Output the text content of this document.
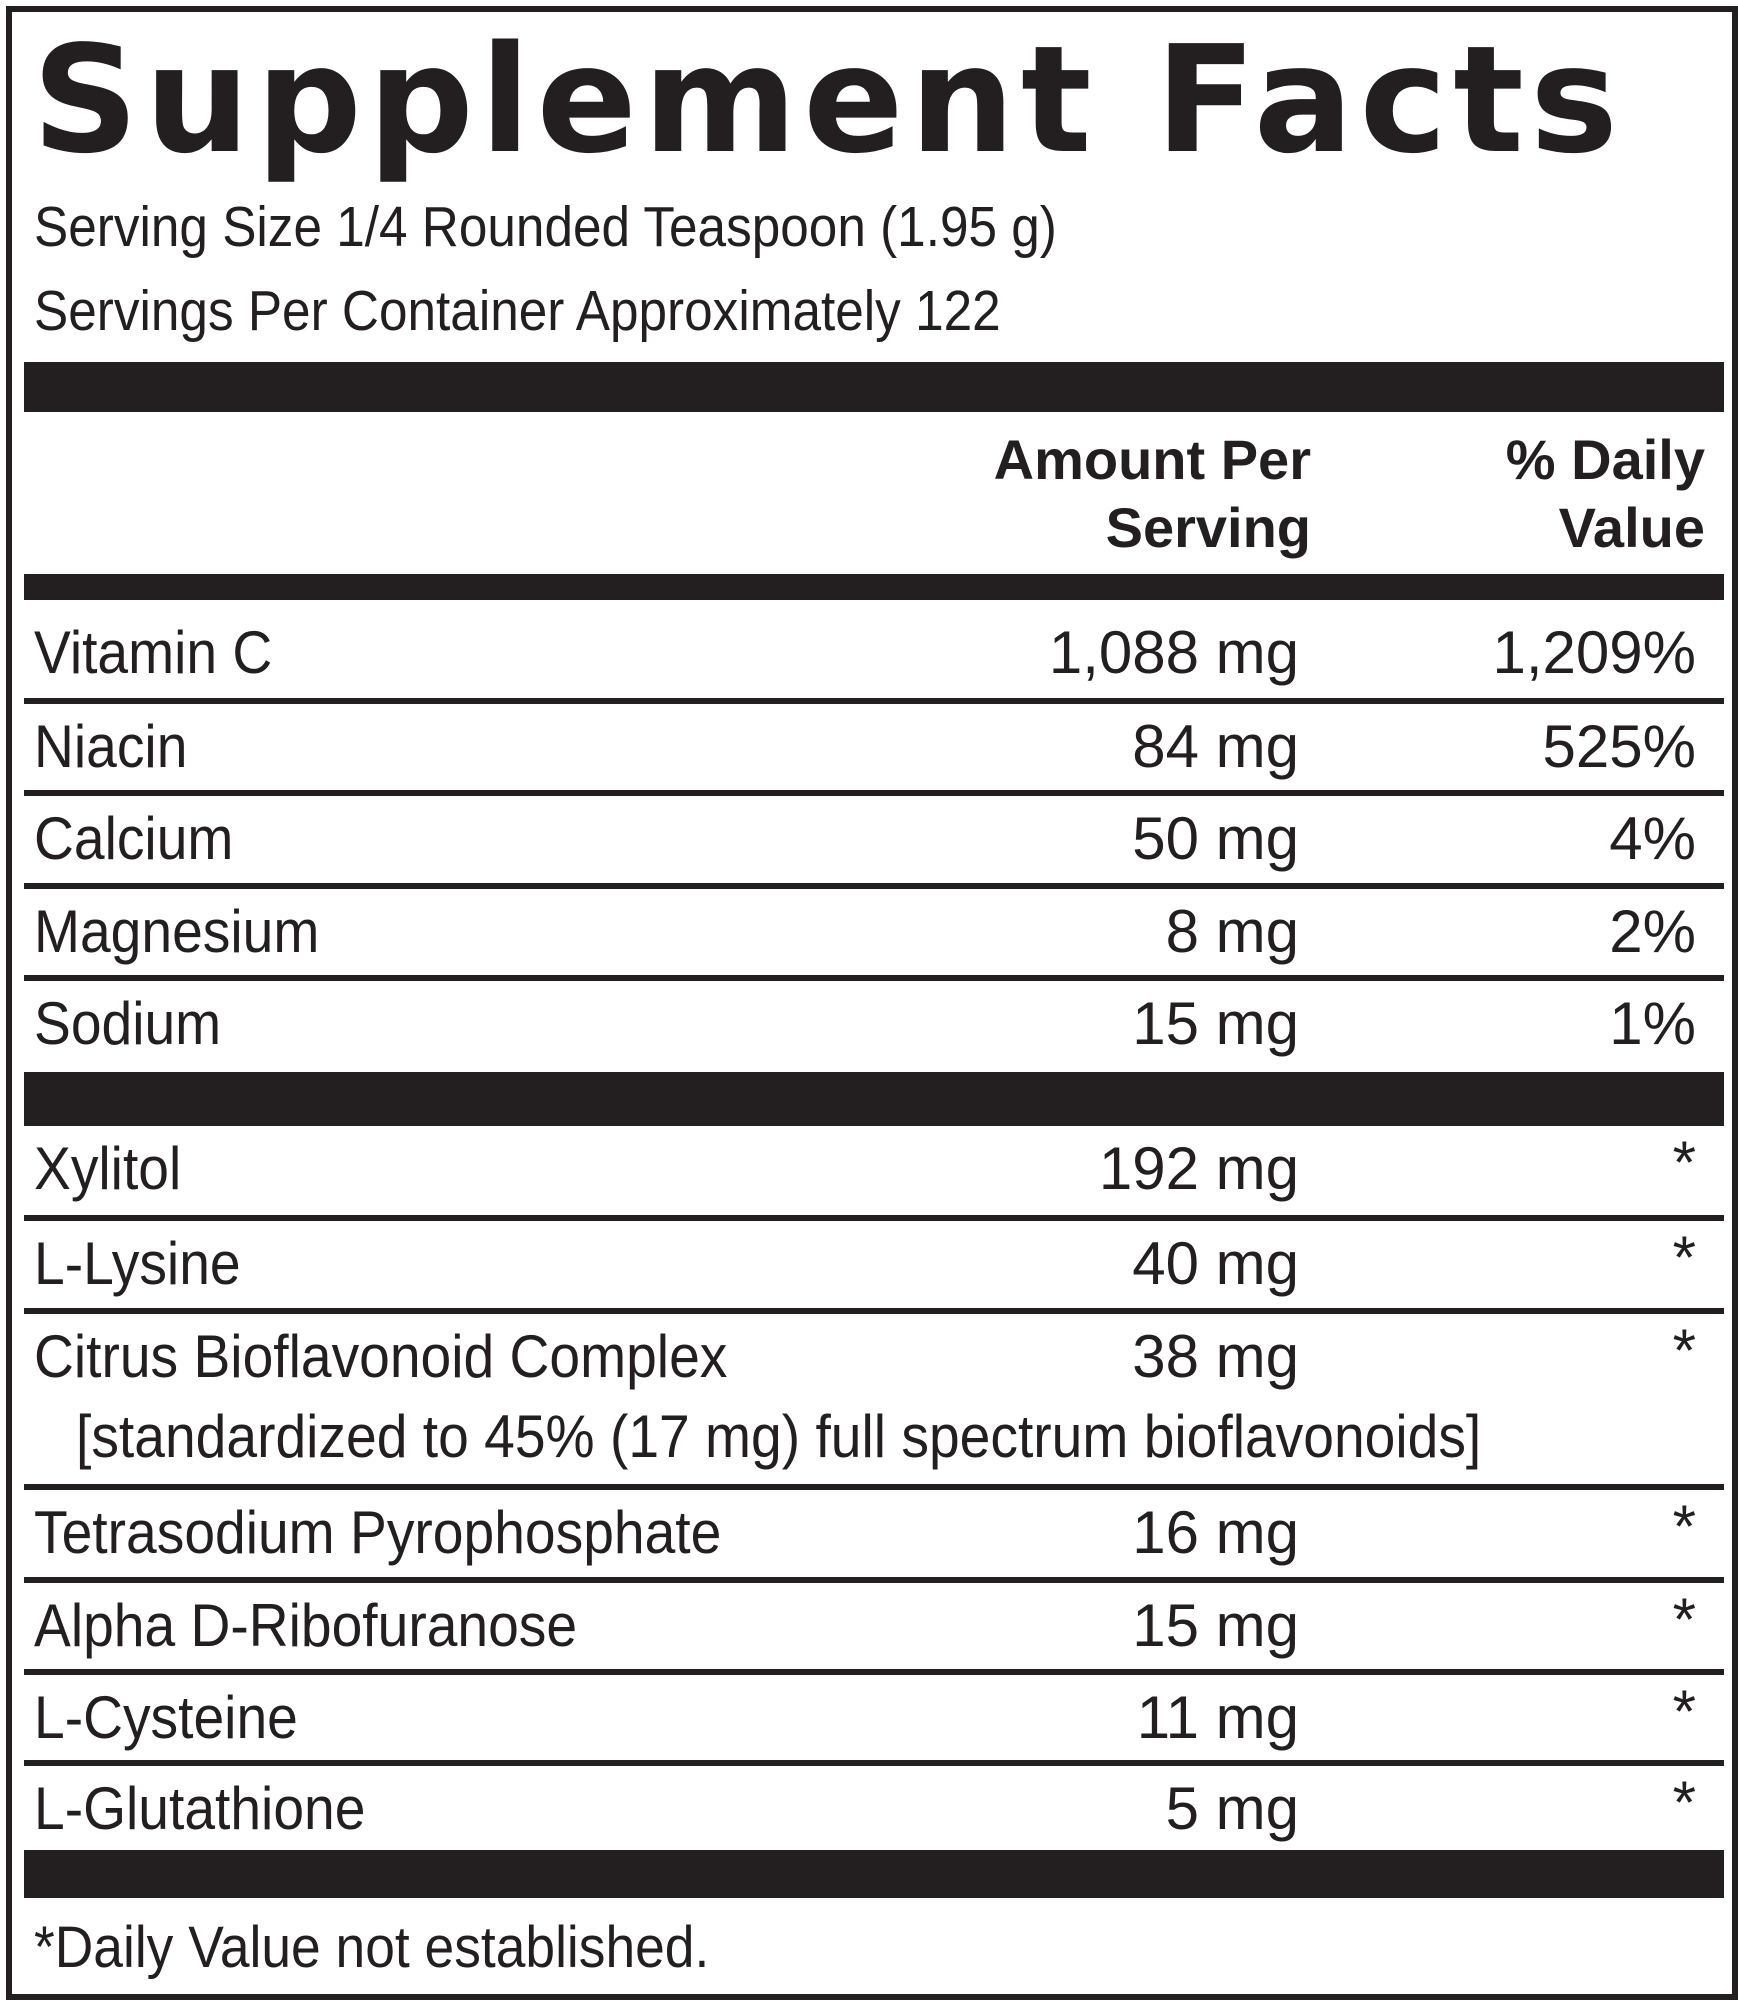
Supplement Facts
Serving Size 1/4 Rounded Teaspoon (1.95 g)
Servings Per Container Approximately 122
Amount Per
Serving
% Daily
Value
Vitamin C	1,088 mg	1,209%
Niacin	84 mg	525%
Calcium	50 mg	4%
Magnesium	8 mg	2%
Sodium	15 mg	1%
Xylitol	192 mg	*
L-Lysine	40 mg	*
Citrus Bioflavonoid Complex	38 mg	*
[standardized to 45% (17 mg) full spectrum bioflavonoids]
Tetrasodium Pyrophosphate	16 mg	*
Alpha D-Ribofuranose	15 mg	*
L-Cysteine	11 mg	*
L-Glutathione	5 mg	*
*Daily Value not established.
